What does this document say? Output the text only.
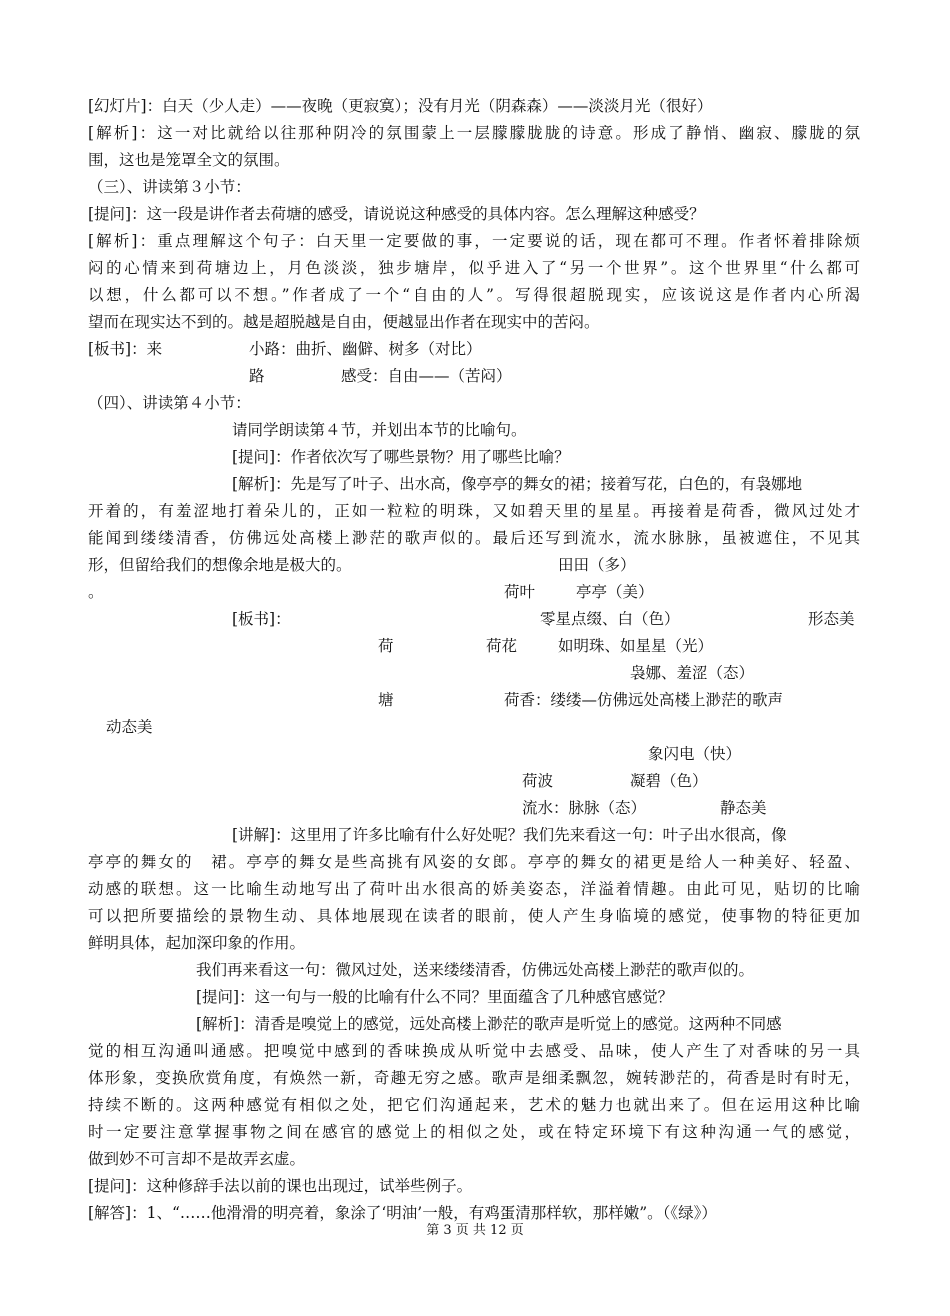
[幻灯片]：白天（少人走）——夜晚（更寂寞）；没有月光（阴森森）——淡淡月光（很好）
[解析]：这一对比就给以往那种阴冷的氛围蒙上一层朦朦胧胧的诗意。形成了静悄、幽寂、朦胧的氛
围，这也是笼罩全文的氛围。
（三）、讲读第３小节：
[提问]：这一段是讲作者去荷塘的感受，请说说这种感受的具体内容。怎么理解这种感受？
[解析]：重点理解这个句子：白天里一定要做的事，一定要说的话，现在都可不理。作者怀着排除烦
闷的心情来到荷塘边上，月色淡淡，独步塘岸，似乎进入了“另一个世界”。这个世界里“什么都可
以想，什么都可以不想。”作者成了一个“自由的人”。写得很超脱现实，应该说这是作者内心所渴
望而在现实达不到的。越是超脱越是自由，便越显出作者在现实中的苦闷。
[板书]：来	小路：曲折、幽僻、树多（对比）
路	感受：自由——（苦闷）
（四）、讲读第４小节：
请同学朗读第４节，并划出本节的比喻句。
[提问]：作者依次写了哪些景物？用了哪些比喻？
[解析]：先是写了叶子、出水高，像亭亭的舞女的裙；接着写花，白色的，有袅娜地
开着的，有羞涩地打着朵儿的，正如一粒粒的明珠，又如碧天里的星星。再接着是荷香，微风过处才
能闻到缕缕清香，仿佛远处高楼上渺茫的歌声似的。最后还写到流水，流水脉脉，虽被遮住，不见其
形，但留给我们的想像余地是极大的。	田田（多）
。	荷叶	亭亭（美）
[板书]：	零星点缀、白（色）	形态美
荷	荷花	如明珠、如星星（光）
袅娜、羞涩（态）
塘	荷香：缕缕—仿佛远处高楼上渺茫的歌声
动态美
象闪电（快）
荷波	凝碧（色）
流水：脉脉（态）	静态美
[讲解]：这里用了许多比喻有什么好处呢？我们先来看这一句：叶子出水很高，像
亭亭的舞女的　裙。亭亭的舞女是些高挑有风姿的女郎。亭亭的舞女的裙更是给人一种美好、轻盈、
动感的联想。这一比喻生动地写出了荷叶出水很高的娇美姿态，洋溢着情趣。由此可见，贴切的比喻
可以把所要描绘的景物生动、具体地展现在读者的眼前，使人产生身临境的感觉，使事物的特征更加
鲜明具体，起加深印象的作用。
我们再来看这一句：微风过处，送来缕缕清香，仿佛远处高楼上渺茫的歌声似的。
[提问]：这一句与一般的比喻有什么不同？里面蕴含了几种感官感觉？
[解析]：清香是嗅觉上的感觉，远处高楼上渺茫的歌声是听觉上的感觉。这两种不同感
觉的相互沟通叫通感。把嗅觉中感到的香味换成从听觉中去感受、品味，使人产生了对香味的另一具
体形象，变换欣赏角度，有焕然一新，奇趣无穷之感。歌声是细柔飘忽，婉转渺茫的，荷香是时有时无，
持续不断的。这两种感觉有相似之处，把它们沟通起来，艺术的魅力也就出来了。但在运用这种比喻
时一定要注意掌握事物之间在感官的感觉上的相似之处，或在特定环境下有这种沟通一气的感觉，
做到妙不可言却不是故弄玄虚。
[提问]：这种修辞手法以前的课也出现过，试举些例子。
[解答]：1、“……他滑滑的明亮着，象涂了‘明油’一般，有鸡蛋清那样软，那样嫩”。（《绿》）
第 3 页 共 12 页
